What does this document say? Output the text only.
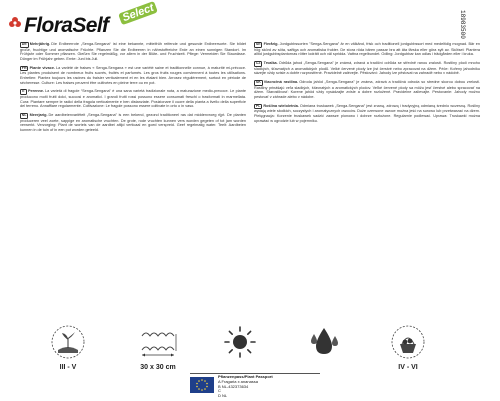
FloraSelf
Select	18983500
DE Mehrjährig.Die Erdbeerrote „Senga-Sengana“ ist eine bekannte, mittelfrüh reifende und gesunde Erdbeersorte. Sie bildet große, fruchtige und aromatische Früchte. Pflanzen Sie die Erdbeeren in nährstoffreiche Erde an einen sonnigen Standort. Im Frühjahr oder Sommer pflanzen. Gießen Sie regelmäßig, vor allem in der Blüte- und Fruchtzeit. Pflege: Vermeiden Sie Staunässe. Dünger im Frühjahr geben. Ernte: Juni bis Juli.
FR Plante vivace.La variété de fraises « Senga-Sengana » est une variété saine et traditionnelle connue, à maturité mi-précoce. Les plantes produisent de nombreux fruits sucrés, fruités et parfumés. Les gros fruits rouges conviennent à toutes les utilisations. Entretien: Plantez toujours les racines du fraisier verticalement et en les étalant bien. Arrosez régulièrement, surtout en période de sécheresse. Culture: Les fraises peuvent être cultivées en pleine terre ou en pot.
IT Perenne.La varietà di fragole “Senga-Sengana” è una sana varietà tradizionale nota, a maturazione medio-precoce. Le piante producono molti frutti dolci, succosi e aromatici. I grandi frutti rossi possono essere consumati freschi o trasformati in marmellata. Cura: Piantare sempre le radici della fragola verticalmente e ben distanziate. Posizionare il cuore della pianta a livello della superficie del terreno. Annaffiare regolarmente. Coltivazione: Le fragole possono essere coltivate in orto o in vaso.
NL Meerjarig.De aardbeienvariëteit „Senga-Sengana” is een bekend, gezond traditioneel ras dat middenvroeg rijpt. De planten produceren veel zoete, sappige en aromatische vruchten. De grote, rode vruchten kunnen vers worden gegeten of tot jam worden verwerkt. Verzorging: Plant de wortels van de aardbei altijd verticaal en goed verspreid. Geef regelmatig water. Teelt: Aardbeien kunnen in de tuin of in een pot worden geteeld.
SE Flerårig.Jordgubbssorten ”Senga-Sengana” är en välkänd, frisk och traditionell jordgubbssort med medeltidig mognad. Bär en hög skörd av söta, saftiga och aromatiska frukter. De stora röda bären passar bra att äta färska eller göra sylt av. Skötsel: Plantera alltid jordgubbsplantornas rötter lodrätt och väl spridda. Vattna regelbundet. Odling: Jordgubbar kan odlas i trädgården eller i kruka.
CZ Trvalka.Odrůda jahod „Senga-Sengana” je známá, zdravá a tradiční odrůda se středně ranou zralostí. Rostliny plodí mnoho sladkých, šťavnatých a aromatických plodů. Velké červené plody lze jíst čerstvé nebo zpracovat na džem. Péče: Kořeny jahodníku sázejte vždy svisle a dobře rozprostřené. Pravidelně zalévejte. Pěstování: Jahody lze pěstovat na zahradě nebo v nádobě.
SK Viacročná rastlina.Odroda jahôd „Senga-Sengana” je známa, zdravá a tradičná odroda so stredne skorou dobou zrelosti. Rastliny prinášajú veľa sladkých, šťavnatých a aromatických plodov. Veľké červené plody sa môžu jesť čerstvé alebo spracovať na džem. Starostlivosť: Korene jahôd vždy vysádzajte zvisle a dobre rozložené. Pravidelne zalievajte. Pestovanie: Jahody možno pestovať v záhrade alebo v nádobe.
PL Roślina wieloletnia.Odmiana truskawek „Senga-Sengana” jest znaną, zdrową i tradycyjną odmianą średnio wczesną. Rośliny wydają wiele słodkich, soczystych i aromatycznych owoców. Duże czerwone owoce można jeść na surowo lub przetwarzać na dżem. Pielęgnacja: Korzenie truskawek sadzić zawsze pionowo i dobrze rozłożone. Regularnie podlewać. Uprawa: Truskawki można uprawiać w ogrodzie lub w pojemniku.
III - V	30 x 30 cm	IV - VI
Pflanzenpass/Plant Passport
A Fragaria x ananassa
B NL-432373634
C
D NL
